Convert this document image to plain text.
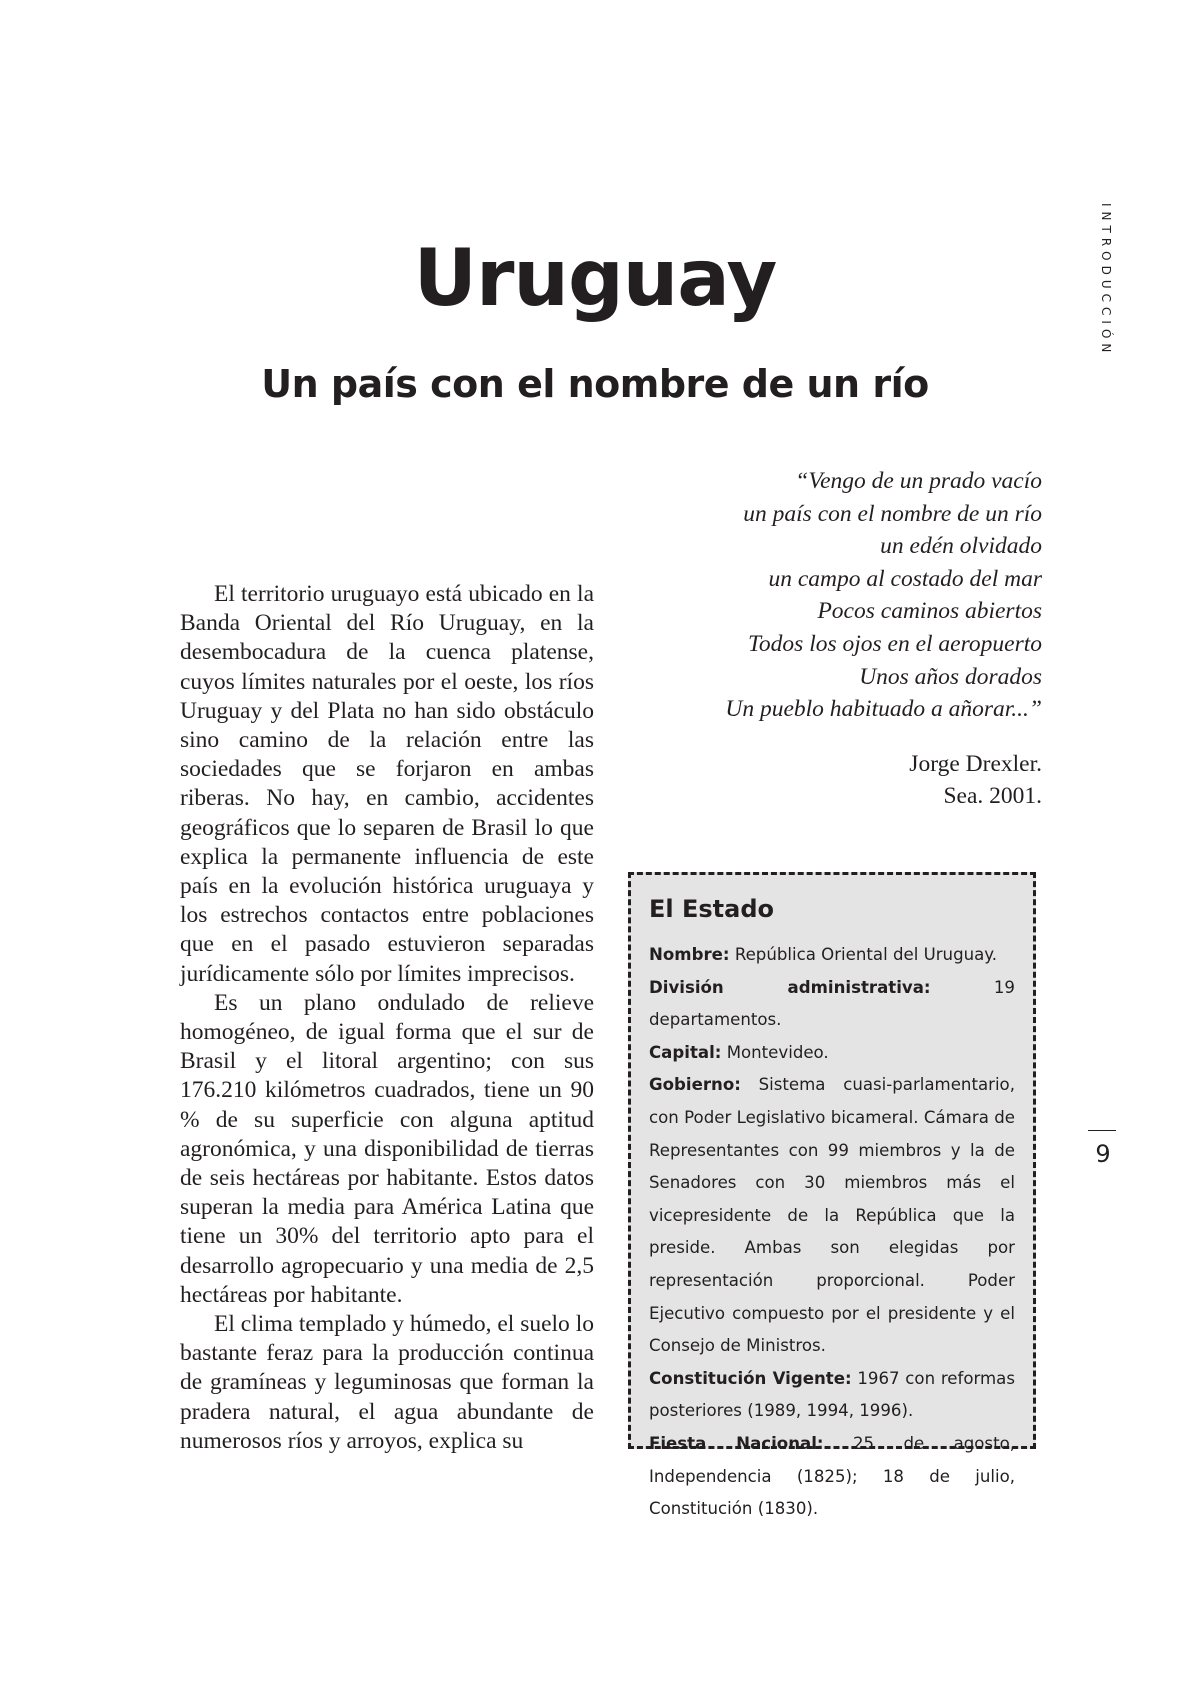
INTRODUCCIÓN
Uruguay
Un país con el nombre de un río
“Vengo de un prado vacío
un país con el nombre de un río
un edén olvidado
un campo al costado del mar
Pocos caminos abiertos
Todos los ojos en el aeropuerto
Unos años dorados
Un pueblo habituado a añorar...”
Jorge Drexler.
Sea. 2001.

El territorio uruguayo está ubicado en la Banda Oriental del Río Uruguay, en la desembocadura de la cuenca platense, cuyos límites naturales por el oeste, los ríos Uruguay y del Plata no han sido obstáculo sino camino de la relación entre las sociedades que se forjaron en ambas riberas. No hay, en cambio, accidentes geográficos que lo separen de Brasil lo que explica la permanente influencia de este país en la evolución histórica uruguaya y los estrechos contactos entre poblaciones que en el pasado estuvieron separadas jurídicamente sólo por límites imprecisos.

Es un plano ondulado de relieve homogéneo, de igual forma que el sur de Brasil y el litoral argentino; con sus 176.210 kilómetros cuadrados, tiene un 90 % de su superficie con alguna aptitud agronómica, y una disponibilidad de tierras de seis hectáreas por habitante. Estos datos superan la media para América Latina que tiene un 30% del territorio apto para el desarrollo agropecuario y una media de 2,5 hectáreas por habitante.

El clima templado y húmedo, el suelo lo bastante feraz para la producción continua de gramíneas y leguminosas que forman la pradera natural, el agua abundante de numerosos ríos y arroyos, explica su

El Estado

Nombre: República Oriental del Uruguay.

División administrativa:	19 departamentos.

Capital: Montevideo.

Gobierno: Sistema cuasi-parlamentario, con Poder Legislativo bicameral. Cámara de Representantes con 99 miembros y la de Senadores con 30 miembros más el vicepresidente de la República que la preside. Ambas son elegidas por representación proporcional. Poder Ejecutivo compuesto por el presidente y el Consejo de Ministros.

Constitución Vigente: 1967 con reformas posteriores (1989, 1994, 1996).

Fiesta Nacional: 25 de agosto, Independencia (1825); 18 de julio, Constitución (1830).

9
